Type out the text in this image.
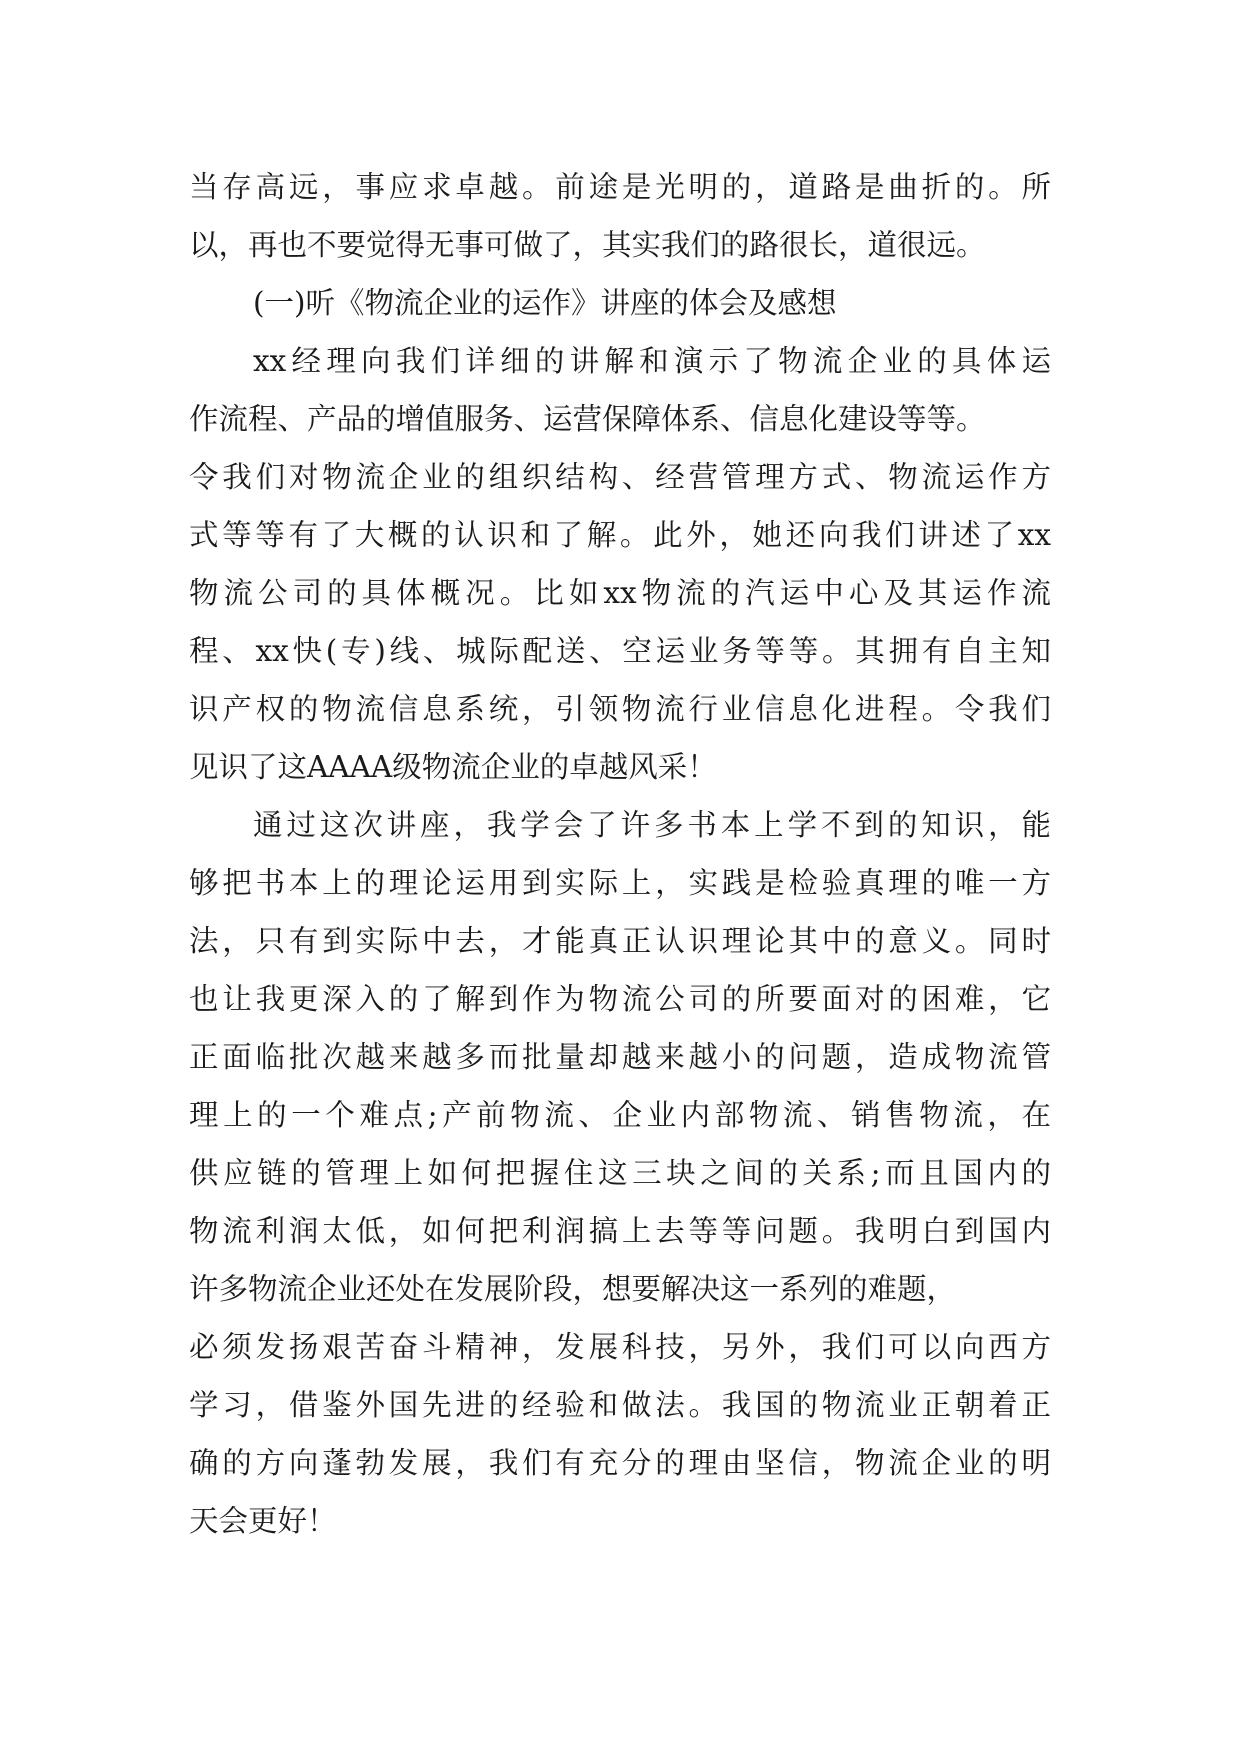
当存高远，事应求卓越。前途是光明的，道路是曲折的。所
以，再也不要觉得无事可做了，其实我们的路很长，道很远。
(一)听《物流企业的运作》讲座的体会及感想
xx经理向我们详细的讲解和演示了物流企业的具体运
作流程、产品的增值服务、运营保障体系、信息化建设等等。
令我们对物流企业的组织结构、经营管理方式、物流运作方
式等等有了大概的认识和了解。此外，她还向我们讲述了xx
物流公司的具体概况。比如xx物流的汽运中心及其运作流
程、xx快(专)线、城际配送、空运业务等等。其拥有自主知
识产权的物流信息系统，引领物流行业信息化进程。令我们
见识了这AAAA级物流企业的卓越风采！
通过这次讲座，我学会了许多书本上学不到的知识，能
够把书本上的理论运用到实际上，实践是检验真理的唯一方
法，只有到实际中去，才能真正认识理论其中的意义。同时
也让我更深入的了解到作为物流公司的所要面对的困难，它
正面临批次越来越多而批量却越来越小的问题，造成物流管
理上的一个难点;产前物流、企业内部物流、销售物流，在
供应链的管理上如何把握住这三块之间的关系;而且国内的
物流利润太低，如何把利润搞上去等等问题。我明白到国内
许多物流企业还处在发展阶段，想要解决这一系列的难题，
必须发扬艰苦奋斗精神，发展科技，另外，我们可以向西方
学习，借鉴外国先进的经验和做法。我国的物流业正朝着正
确的方向蓬勃发展，我们有充分的理由坚信，物流企业的明
天会更好！
